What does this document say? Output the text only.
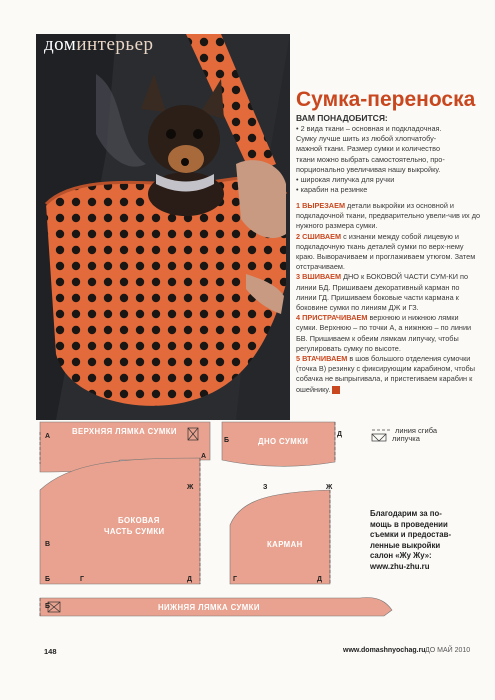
доминтерьер
Сумка-переноска
ВАМ ПОНАДОБИТСЯ:
• 2 вида ткани – основная и подкладочная.
Сумку лучше шить из любой хлопчатобу-
мажной ткани. Размер сумки и количество
ткани можно выбрать самостоятельно, про-
порционально увеличивая нашу выкройку.
• широкая липучка для ручки
• карабин на резинке
1 ВЫРЕЗАЕМ детали выкройки из основной и подкладочной ткани, предварительно увели-чив их до нужного размера сумки.
2 СШИВАЕМ с изнанки между собой лицевую и подкладочную ткань деталей сумки по верх-нему краю. Выворачиваем и проглаживаем утюгом. Затем отстрачиваем.
3 ВШИВАЕМ ДНО к БОКОВОЙ ЧАСТИ СУМ-КИ по линии БД. Пришиваем декоративный карман по линии ГД. Пришиваем боковые части кармана к боковине сумки по линиям ДЖ и ГЗ.
4 ПРИСТРАЧИВАЕМ верхнюю и нижнюю лямки сумки. Верхнюю – по точки А, а нижнюю – по линии БВ. Пришиваем к обеим лямкам липучку, чтобы регулировать сумку по высоте.
5 ВТАЧИВАЕМ в шов большого отделения сумочки (точка В) резинку с фиксирующим карабином, чтобы собачка не выпрыгивала, и пристегиваем карабин к ошейнику.
ВЕРХНЯЯ ЛЯМКА СУМКИ
ДНО СУМКИ
БОКОВАЯ
ЧАСТЬ СУМКИ
КАРМАН
НИЖНЯЯ ЛЯМКА СУМКИ
А
Б
Д
А
Ж
В
Б	Г	Д
З	Ж
Г	Д
Б
линия сгиба
липучка
Благодарим за по-
мощь в проведении
съемки и предостав-
ленные выкройки
салон «Жу Жу»:
www.zhu-zhu.ru
148	www.domashnyochag.ru ДО МАЙ 2010
